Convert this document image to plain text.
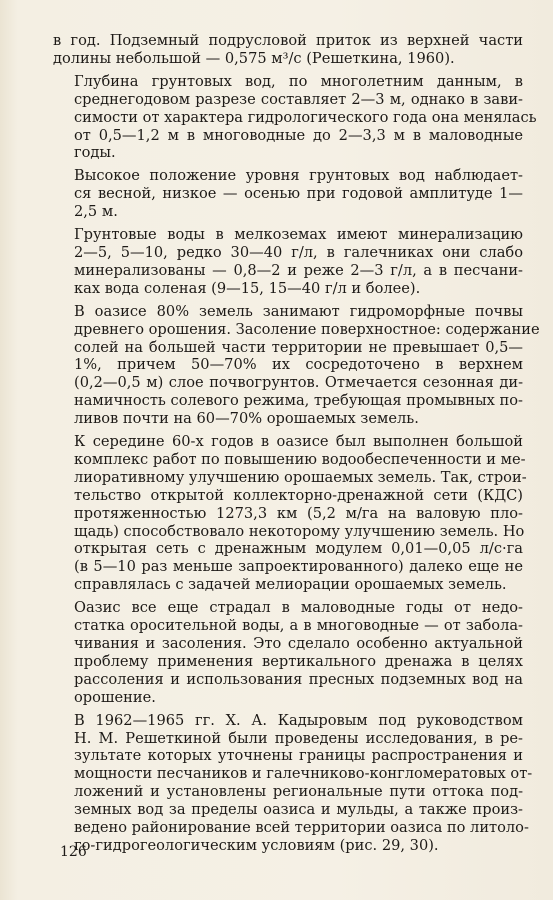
в год. Подземный подрусловой приток из верхней части
долины небольшой — 0,575 м³/с (Решеткина, 1960).
Глубина грунтовых вод, по многолетним данным, в
среднегодовом разрезе составляет 2—3 м, однако в зави-
симости от характера гидрологического года она менялась
от 0,5—1,2 м в многоводные до 2—3,3 м в маловодные
годы.
Высокое положение уровня грунтовых вод наблюдает-
ся весной, низкое — осенью при годовой амплитуде 1—
2,5 м.
Грунтовые воды в мелкоземах имеют минерализацию
2—5, 5—10, редко 30—40 г/л, в галечниках они слабо
минерализованы — 0,8—2 и реже 2—3 г/л, а в песчани-
ках вода соленая (9—15, 15—40 г/л и более).
В оазисе 80% земель занимают гидроморфные почвы
древнего орошения. Засоление поверхностное: содержание
солей на большей части территории не превышает 0,5—
1%, причем 50—70% их сосредоточено в верхнем
(0,2—0,5 м) слое почвогрунтов. Отмечается сезонная ди-
намичность солевого режима, требующая промывных по-
ливов почти на 60—70% орошаемых земель.
К середине 60-х годов в оазисе был выполнен большой
комплекс работ по повышению водообеспеченности и ме-
лиоративному улучшению орошаемых земель. Так, строи-
тельство открытой коллекторно-дренажной сети (КДС)
протяженностью 1273,3 км (5,2 м/га на валовую пло-
щадь) способствовало некоторому улучшению земель. Но
открытая сеть с дренажным модулем 0,01—0,05 л/с·га
(в 5—10 раз меньше запроектированного) далеко еще не
справлялась с задачей мелиорации орошаемых земель.
Оазис все еще страдал в маловодные годы от недо-
статка оросительной воды, а в многоводные — от забола-
чивания и засоления. Это сделало особенно актуальной
проблему применения вертикального дренажа в целях
рассоления и использования пресных подземных вод на
орошение.
В 1962—1965 гг. Х. А. Кадыровым под руководством
Н. М. Решеткиной были проведены исследования, в ре-
зультате которых уточнены границы распространения и
мощности песчаников и галечниково-конгломератовых от-
ложений и установлены региональные пути оттока под-
земных вод за пределы оазиса и мульды, а также произ-
ведено районирование всей территории оазиса по литоло-
го-гидрогеологическим условиям (рис. 29, 30).
126
